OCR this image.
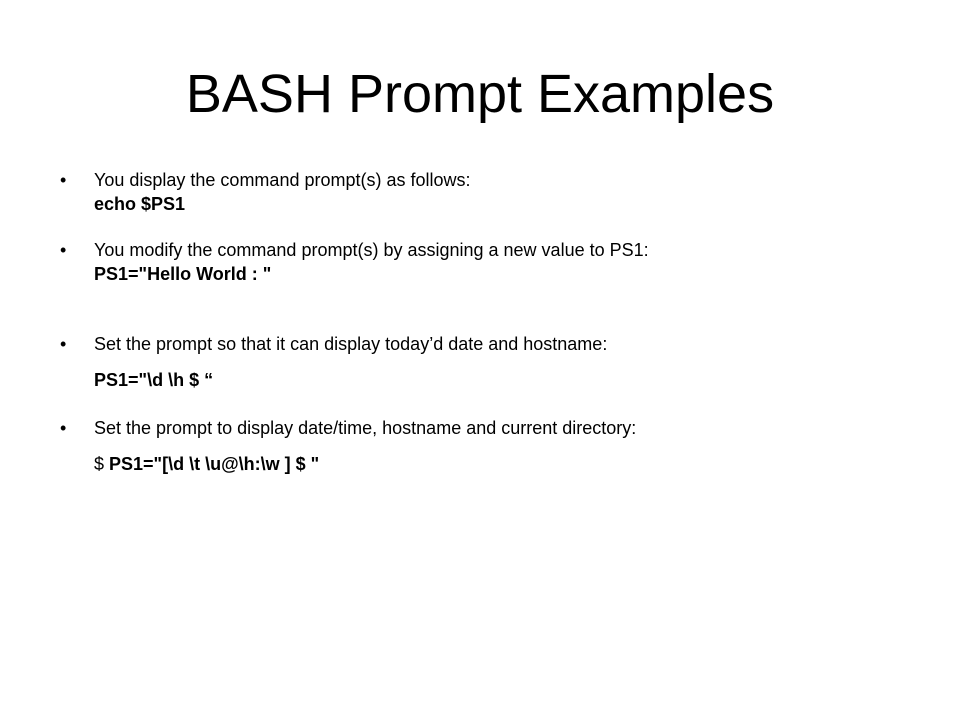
BASH Prompt Examples
• You display the command prompt(s) as follows:
echo $PS1
• You modify the command prompt(s) by assigning a new value to PS1:
PS1="Hello World : "
• Set the prompt so that it can display today’d date and hostname:
PS1="\d \h $ “
• Set the prompt to display date/time, hostname and current directory:
$ PS1="[\d \t \u@\h:\w ] $ "
